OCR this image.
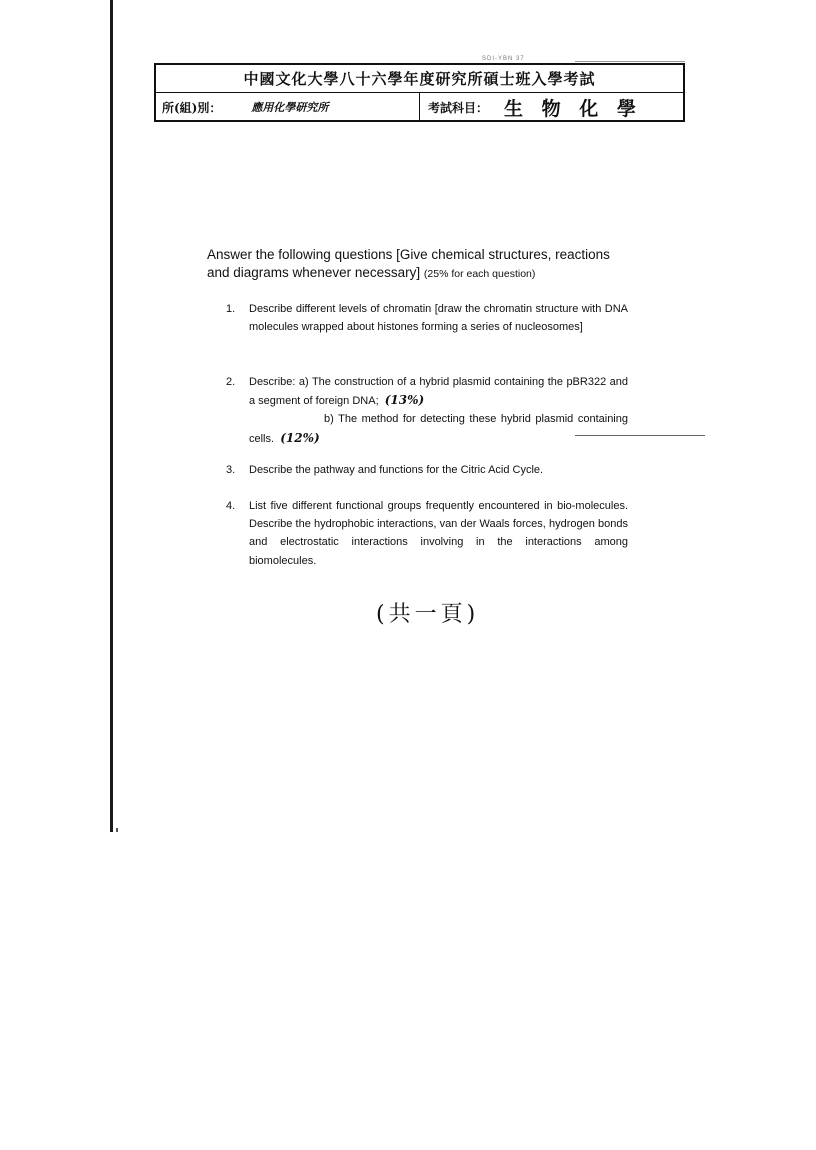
SDI-YBN 37
中國文化大學八十六學年度研究所碩士班入學考試
所(組)別：	應用化學研究所	考試科目： 生 物 化 學
Answer the following questions [Give chemical structures, reactions and diagrams whenever necessary] (25% for each question)
1.	Describe different levels of chromatin [draw the chromatin structure with DNA molecules wrapped about histones forming a series of nucleosomes]
2.	Describe: a) The construction of a hybrid plasmid containing the pBR322 and a segment of foreign DNA; (13%)
b) The method for detecting these hybrid plasmid containing cells. (12%)
3.	Describe the pathway and functions for the Citric Acid Cycle.
4.	List five different functional groups frequently encountered in bio-molecules. Describe the hydrophobic interactions, van der Waals forces, hydrogen bonds and electrostatic interactions involving in the interactions among biomolecules.
(共一頁)
